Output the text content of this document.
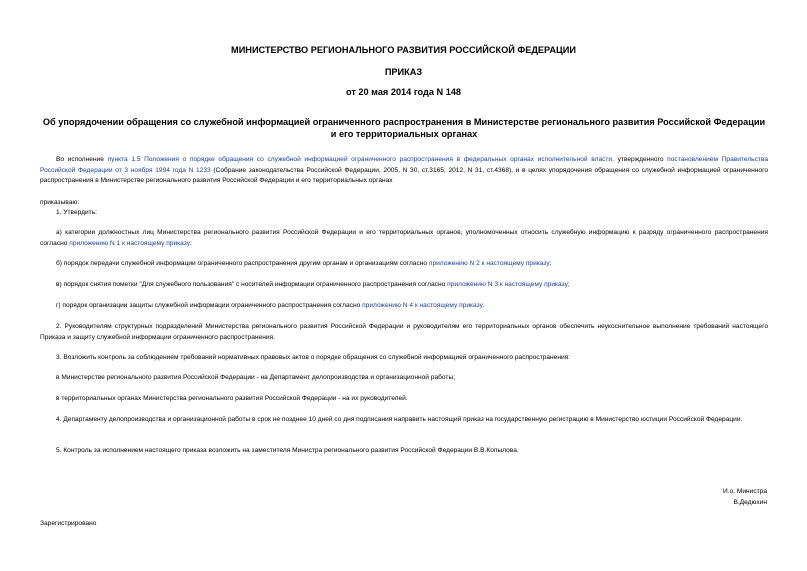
МИНИСТЕРСТВО РЕГИОНАЛЬНОГО РАЗВИТИЯ РОССИЙСКОЙ ФЕДЕРАЦИИ
ПРИКАЗ
от 20 мая 2014 года N 148
Об упорядочении обращения со служебной информацией ограниченного распространения в Министерстве регионального развития Российской Федерации и его территориальных органах
Во исполнение пункта 1.5 Положения о порядке обращения со служебной информацией ограниченного распространения в федеральных органах исполнительной власти, утвержденного постановлением Правительства Российской Федерации от 3 ноября 1994 года N 1233 (Собрание законодательства Российской Федерации, 2005, N 30, ст.3165; 2012, N 31, ст.4368), и в целях упорядочения обращения со служебной информацией ограниченного распространения в Министерстве регионального развития Российской Федерации и его территориальных органах
приказываю:
1. Утвердить:
а) категории должностных лиц Министерства регионального развития Российской Федерации и его территориальных органов, уполномоченных относить служебную информацию к разряду ограниченного распространения согласно приложению N 1 к настоящему приказу;
б) порядок передачи служебной информации ограниченного распространения другим органам и организациям согласно приложению N 2 к настоящему приказу;
в) порядок снятия пометки "Для служебного пользования" с носителей информации ограниченного распространения согласно приложению N 3 к настоящему приказу;
г) порядок организации защиты служебной информации ограниченного распространения согласно приложению N 4 к настоящему приказу.
2. Руководителям структурных подразделений Министерства регионального развития Российской Федерации и руководителям его территориальных органов обеспечить неукоснительное выполнение требований настоящего Приказа и защиту служебной информации ограниченного распространения.
3. Возложить контроль за соблюдением требований нормативных правовых актов о порядке обращения со служебной информацией ограниченного распространения:
в Министерстве регионального развития Российской Федерации - на Департамент делопроизводства и организационной работы;
в территориальных органах Министерства регионального развития Российской Федерации - на их руководителей.
4. Департаменту делопроизводства и организационной работы в срок не позднее 10 дней со дня подписания направить настоящий приказ на государственную регистрацию в Министерство юстиции Российской Федерации.
5. Контроль за исполнением настоящего приказа возложить на заместителя Министра регионального развития Российской Федерации В.В.Копылова.
И.о. Министра
В.Дедюхин
Зарегистрировано
